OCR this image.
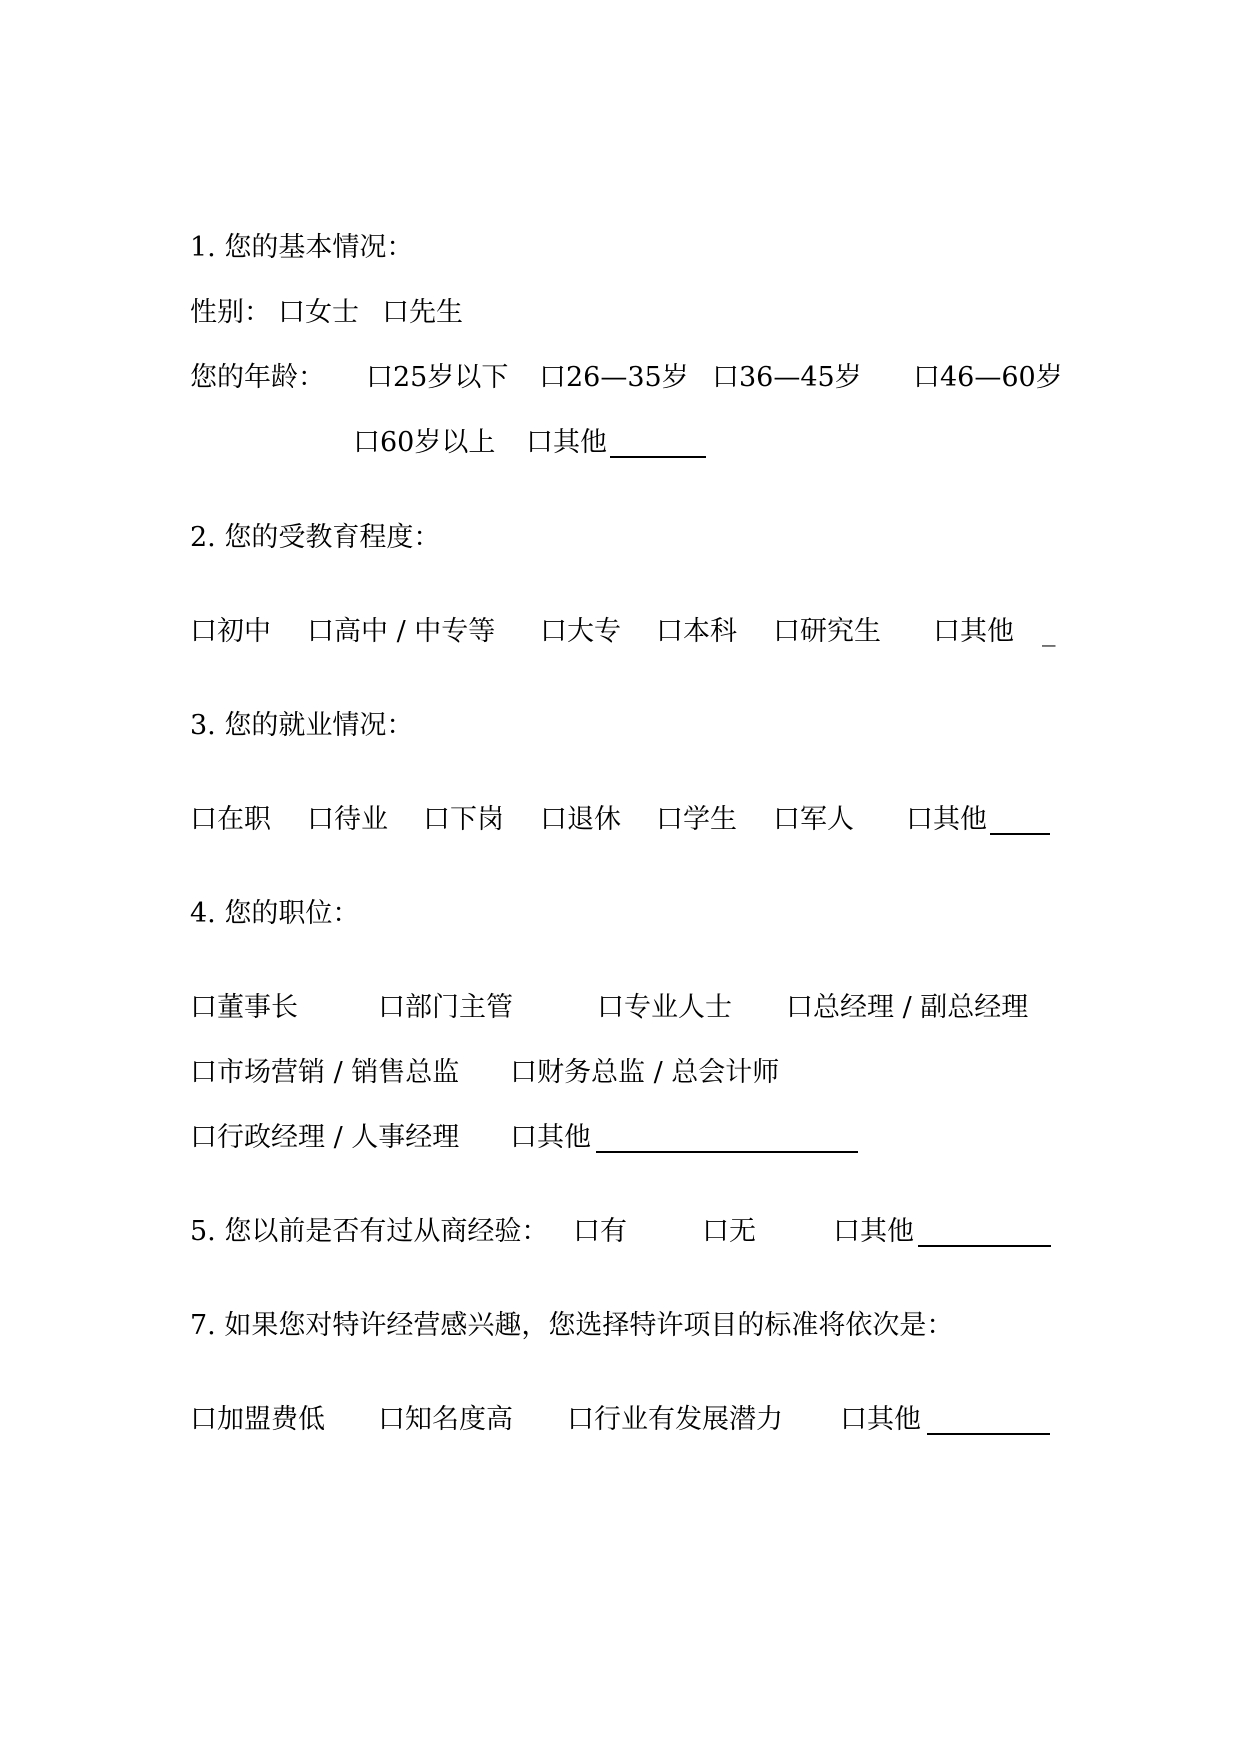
1. 您的基本情况：
性别： 口女士 口先生
您的年龄： 口25岁以下 口26—35岁 口36—45岁 口46—60岁
口60岁以上 口其他
2. 您的受教育程度：
口初中 口高中 / 中专等 口大专 口本科 口研究生 口其他 _
3. 您的就业情况：
口在职 口待业 口下岗 口退休 口学生 口军人 口其他
4. 您的职位：
口董事长	口部门主管	口专业人士 口总经理 / 副总经理
口市场营销 / 销售总监 口财务总监 / 总会计师
口行政经理 / 人事经理 口其他
5. 您以前是否有过从商经验： 口有	口无	口其他
7. 如果您对特许经营感兴趣，您选择特许项目的标准将依次是：
口加盟费低 口知名度高 口行业有发展潜力 口其他
